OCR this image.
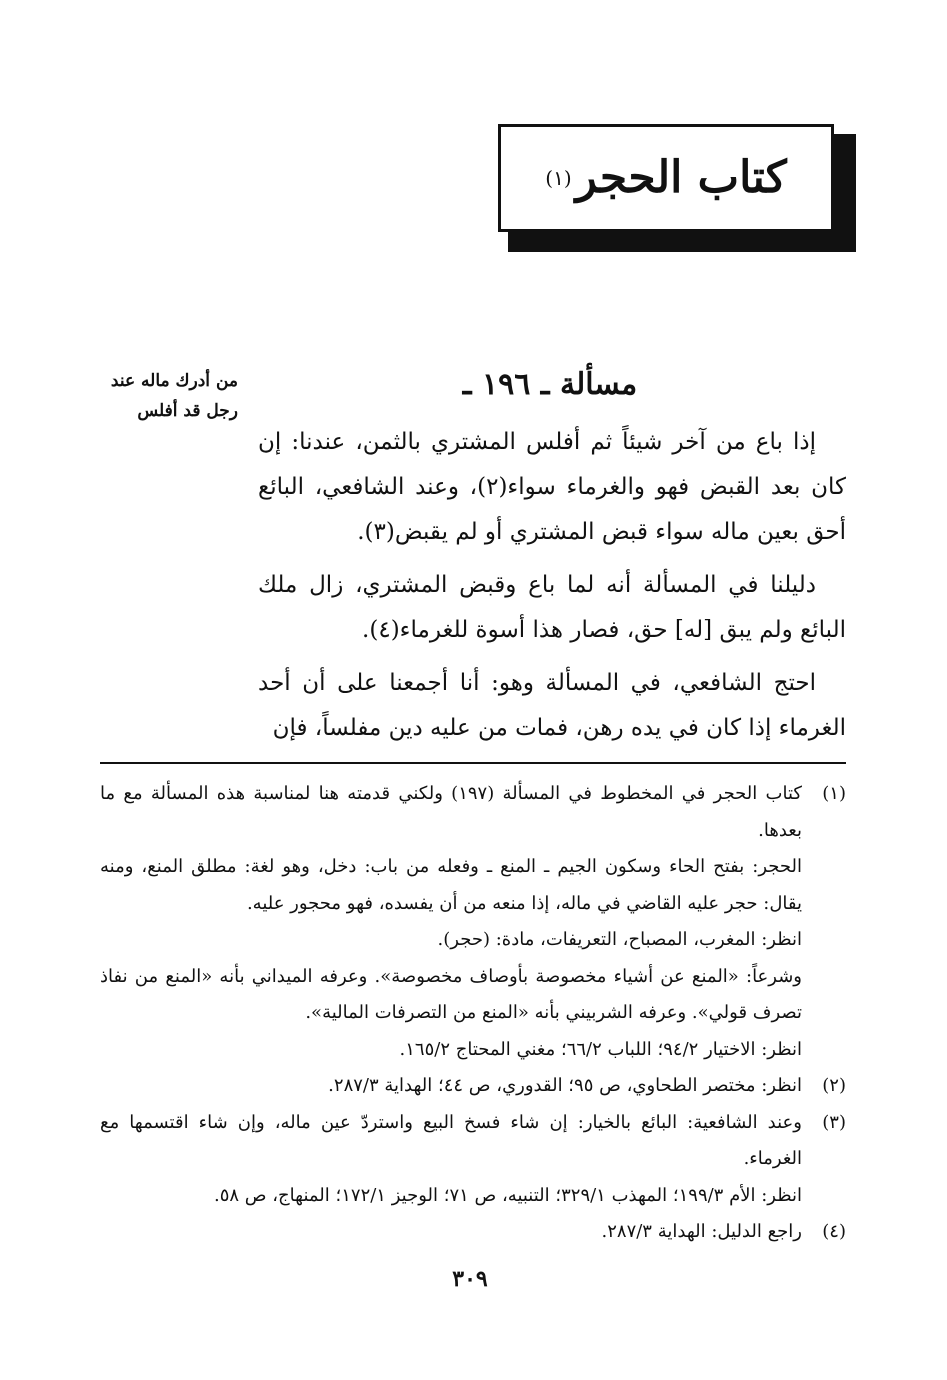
كتاب الحجر
(١)
من أدرك ماله عند
رجل قد أفلس
مسألة ـ ١٩٦ ـ

إذا باع من آخر شيئاً ثم أفلس المشتري بالثمن، عندنا: إن كان بعد القبض فهو والغرماء سواء(٢)، وعند الشافعي، البائع أحق بعين ماله سواء قبض المشتري أو لم يقبض(٣).

دليلنا في المسألة أنه لما باع وقبض المشتري، زال ملك البائع ولم يبق [له] حق، فصار هذا أسوة للغرماء(٤).

احتج الشافعي، في المسألة وهو: أنا أجمعنا على أن أحد الغرماء إذا كان في يده رهن، فمات من عليه دين مفلساً، فإن

(١)
كتاب الحجر في المخطوط في المسألة (١٩٧) ولكني قدمته هنا لمناسبة هذه المسألة مع ما بعدها.
الحجر: بفتح الحاء وسكون الجيم ـ المنع ـ وفعله من باب: دخل، وهو لغة: مطلق المنع، ومنه يقال: حجر عليه القاضي في ماله، إذا منعه من أن يفسده، فهو محجور عليه.
انظر: المغرب، المصباح، التعريفات، مادة: (حجر).
وشرعاً: «المنع عن أشياء مخصوصة بأوصاف مخصوصة». وعرفه الميداني بأنه «المنع من نفاذ تصرف قولي». وعرفه الشربيني بأنه «المنع من التصرفات المالية».
انظر: الاختيار ٩٤/٢؛ اللباب ٦٦/٢؛ مغني المحتاج ١٦٥/٢.
(٢)
انظر: مختصر الطحاوي، ص ٩٥؛ القدوري، ص ٤٤؛ الهداية ٢٨٧/٣.
(٣)
وعند الشافعية: البائع بالخيار: إن شاء فسخ البيع واستردّ عين ماله، وإن شاء اقتسمها مع الغرماء.
انظر: الأم ١٩٩/٣؛ المهذب ٣٢٩/١؛ التنبيه، ص ٧١؛ الوجيز ١٧٢/١؛ المنهاج، ص ٥٨.
(٤)
راجع الدليل: الهداية ٢٨٧/٣.
٣٠٩
